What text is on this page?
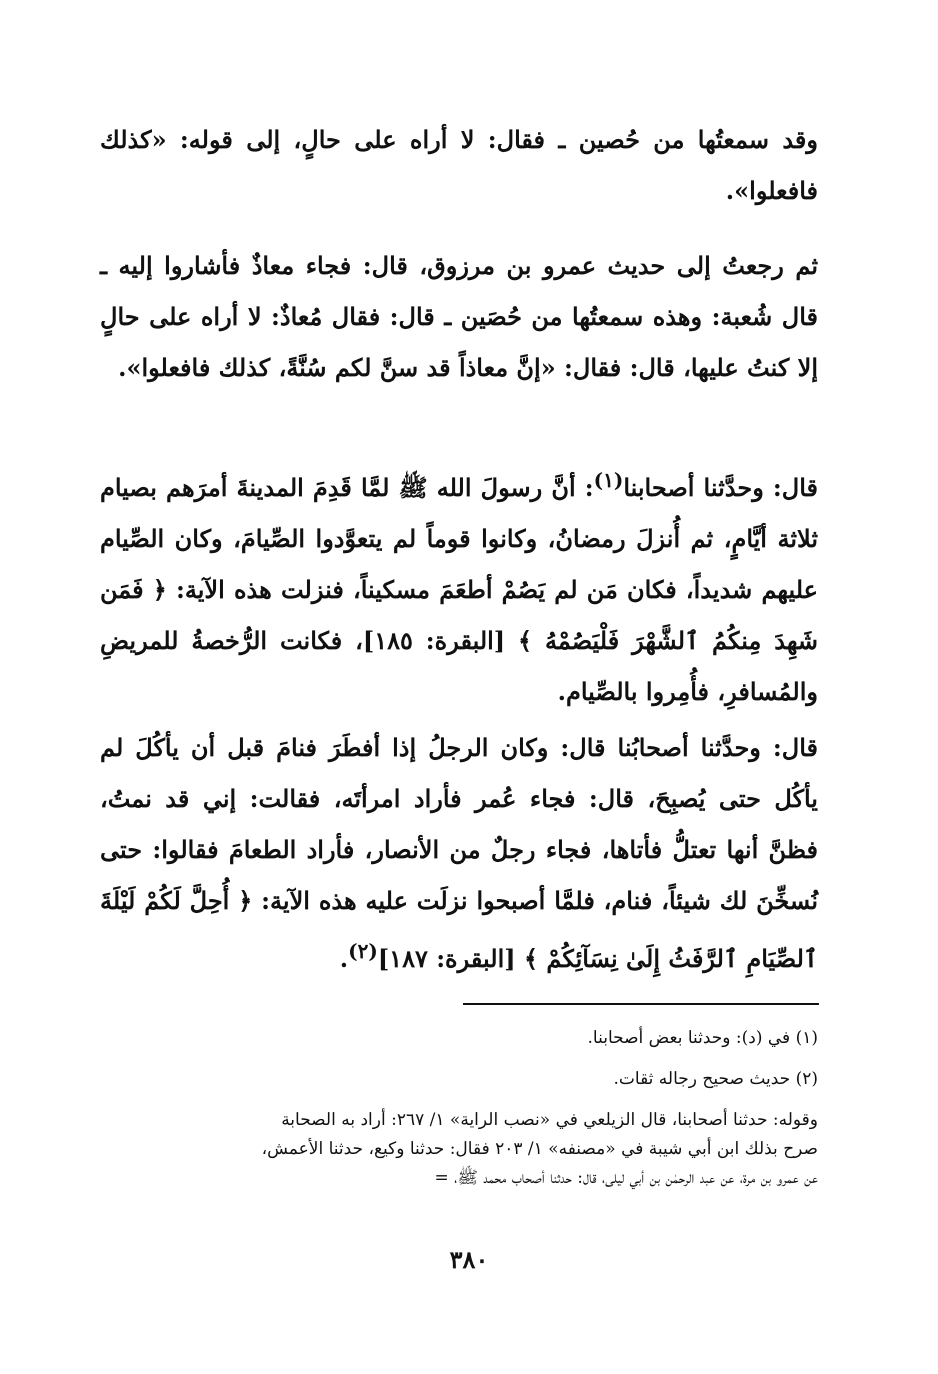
وقد سمعتُها من حُصين ـ فقال: لا أراه على حالٍ، إلى قوله: «كذلك فافعلوا».
ثم رجعتُ إلى حديث عمرو بن مرزوق، قال: فجاء معاذٌ فأشاروا إليه ـ قال شُعبة: وهذه سمعتُها من حُصَين ـ قال: فقال مُعاذٌ: لا أراه على حالٍ إلا كنتُ عليها، قال: فقال: «إنَّ معاذاً قد سنَّ لكم سُنَّةً، كذلك فافعلوا».
قال: وحدَّثنا أصحابنا$^{(١)}$: أنَّ رسولَ الله ﷺ لمَّا قَدِمَ المدينةَ أمرَهم بصيام ثلاثة أيَّامٍ، ثم أُنزلَ رمضانُ، وكانوا قوماً لم يتعوَّدوا الصِّيامَ، وكان الصِّيام عليهم شديداً، فكان مَن لم يَصُمْ أطعَمَ مسكيناً، فنزلت هذه الآية: ﴿ فَمَن شَهِدَ مِنكُمُ ٱلشَّهْرَ فَلْيَصُمْهُ ﴾ [البقرة: ١٨٥]، فكانت الرُّخصةُ للمريضِ والمُسافرِ، فأُمِروا بالصِّيام.
قال: وحدَّثنا أصحابُنا قال: وكان الرجلُ إذا أفطَرَ فنامَ قبل أن يأكُلَ لم يأكُل حتى يُصبِحَ، قال: فجاء عُمر فأراد امرأتَه، فقالت: إني قد نمتُ، فظنَّ أنها تعتلُّ فأتاها، فجاء رجلٌ من الأنصار، فأراد الطعامَ فقالوا: حتى نُسخِّنَ لك شيئاً، فنام، فلمَّا أصبحوا نزلَت عليه هذه الآية: ﴿ أُحِلَّ لَكُمْ لَيْلَةَ ٱلصِّيَامِ ٱلرَّفَثُ إِلَىٰ نِسَآئِكُمْ ﴾ [البقرة: ١٨٧]$^{(٢)}$.
(١) في (د): وحدثنا بعض أصحابنا.
(٢) حديث صحيح رجاله ثقات.
وقوله: حدثنا أصحابنا، قال الزيلعي في «نصب الراية» ١/ ٢٦٧: أراد به الصحابة
صرح بذلك ابن أبي شيبة في «مصنفه» ١/ ٢٠٣ فقال: حدثنا وكيع، حدثنا الأعمش،
عن عمرو بن مرة، عن عبد الرحمٰن بن أبي ليلى، قال: حدثنا أصحاب محمد ﷺ، =
٣٨٠
